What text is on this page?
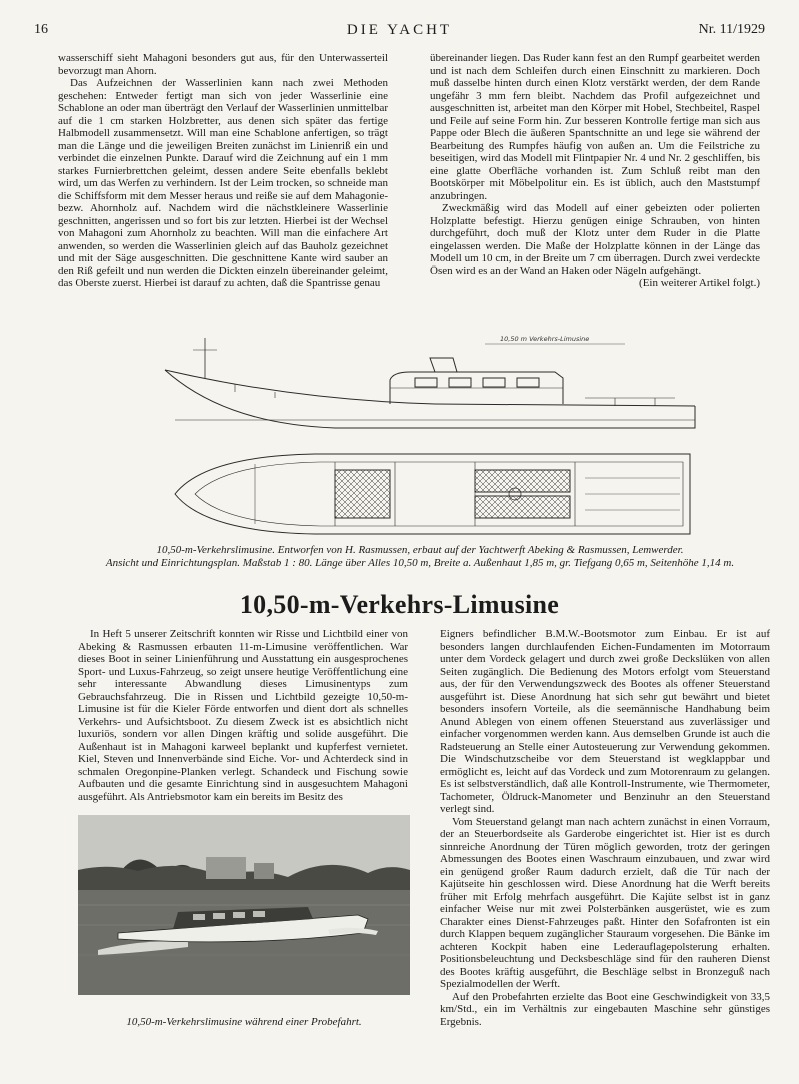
16	DIE YACHT	Nr. 11/1929

wasserschiff sieht Mahagoni besonders gut aus, für den Unterwasserteil bevorzugt man Ahorn.

Das Aufzeichnen der Wasserlinien kann nach zwei Methoden geschehen: Entweder fertigt man sich von jeder Wasserlinie eine Schablone an oder man überträgt den Verlauf der Wasserlinien unmittelbar auf die 1 cm starken Holzbretter, aus denen sich später das fertige Halbmodell zusammensetzt. Will man eine Schablone anfertigen, so trägt man die Länge und die jeweiligen Breiten zunächst im Linienriß ein und verbindet die einzelnen Punkte. Darauf wird die Zeichnung auf ein 1 mm starkes Furnierbrettchen geleimt, dessen andere Seite ebenfalls beklebt wird, um das Werfen zu verhindern. Ist der Leim trocken, so schneide man die Schiffsform mit dem Messer heraus und reiße sie auf dem Mahagonie- bezw. Ahornholz auf. Nachdem wird die nächstkleinere Wasserlinie geschnitten, angerissen und so fort bis zur letzten. Hierbei ist der Wechsel von Mahagoni zum Ahornholz zu beachten. Will man die einfachere Art anwenden, so werden die Wasserlinien gleich auf das Bauholz gezeichnet und mit der Säge ausgeschnitten. Die geschnittene Kante wird sauber an den Riß gefeilt und nun werden die Dickten einzeln übereinander geleimt, das Oberste zuerst. Hierbei ist darauf zu achten, daß die Spantrisse genau

übereinander liegen. Das Ruder kann fest an den Rumpf gearbeitet werden und ist nach dem Schleifen durch einen Einschnitt zu markieren. Doch muß dasselbe hinten durch einen Klotz verstärkt werden, der dem Rande ungefähr 3 mm fern bleibt. Nachdem das Profil aufgezeichnet und ausgeschnitten ist, arbeitet man den Körper mit Hobel, Stechbeitel, Raspel und Feile auf seine Form hin. Zur besseren Kontrolle fertige man sich aus Pappe oder Blech die äußeren Spantschnitte an und lege sie während der Bearbeitung des Rumpfes häufig von außen an. Um die Feilstriche zu beseitigen, wird das Modell mit Flintpapier Nr. 4 und Nr. 2 geschliffen, bis eine glatte Oberfläche vorhanden ist. Zum Schluß reibt man den Bootskörper mit Möbelpolitur ein. Es ist üblich, auch den Maststumpf anzubringen.

Zweckmäßig wird das Modell auf einer gebeizten oder polierten Holzplatte befestigt. Hierzu genügen einige Schrauben, von hinten durchgeführt, doch muß der Klotz unter dem Ruder in die Platte eingelassen werden. Die Maße der Holzplatte können in der Länge das Modell um 10 cm, in der Breite um 7 cm überragen. Durch zwei verdeckte Ösen wird es an der Wand an Haken oder Nägeln aufgehängt.

(Ein weiterer Artikel folgt.)

10,50 m Verkehrs-Limusine
10,50-m-Verkehrslimusine. Entworfen von H. Rasmussen, erbaut auf der Yachtwerft Abeking & Rasmussen, Lemwerder.
Ansicht und Einrichtungsplan. Maßstab 1 : 80. Länge über Alles 10,50 m, Breite a. Außenhaut 1,85 m, gr. Tiefgang 0,65 m, Seitenhöhe 1,14 m.
10,50-m-Verkehrs-Limusine

In Heft 5 unserer Zeitschrift konnten wir Risse und Lichtbild einer von Abeking & Rasmussen erbauten 11-m-Limusine veröffentlichen. War dieses Boot in seiner Linienführung und Ausstattung ein ausgesprochenes Sport- und Luxus-Fahrzeug, so zeigt unsere heutige Veröffentlichung eine sehr interessante Abwandlung dieses Limusinentyps zum Gebrauchsfahrzeug. Die in Rissen und Lichtbild gezeigte 10,50-m-Limusine ist für die Kieler Förde entworfen und dient dort als schnelles Verkehrs- und Aufsichtsboot. Zu diesem Zweck ist es absichtlich nicht luxuriös, sondern vor allen Dingen kräftig und solide ausgeführt. Die Außenhaut ist in Mahagoni karweel beplankt und kupferfest vernietet. Kiel, Steven und Innenverbände sind Eiche. Vor- und Achterdeck sind in schmalen Oregonpine-Planken verlegt. Schandeck und Fischung sowie Aufbauten und die gesamte Einrichtung sind in ausgesuchtem Mahagoni ausgeführt. Als Antriebsmotor kam ein bereits im Besitz des

Eigners befindlicher B.M.W.-Bootsmotor zum Einbau. Er ist auf besonders langen durchlaufenden Eichen-Fundamenten im Motorraum unter dem Vordeck gelagert und durch zwei große Deckslüken von allen Seiten zugänglich. Die Bedienung des Motors erfolgt vom Steuerstand aus, der für den Verwendungszweck des Bootes als offener Steuerstand ausgeführt ist. Diese Anordnung hat sich sehr gut bewährt und bietet besonders insofern Vorteile, als die seemännische Handhabung beim Anund Ablegen von einem offenen Steuerstand aus zuverlässiger und einfacher vorgenommen werden kann. Aus demselben Grunde ist auch die Radsteuerung an Stelle einer Autosteuerung zur Verwendung gekommen. Die Windschutzscheibe vor dem Steuerstand ist wegklappbar und ermöglicht es, leicht auf das Vordeck und zum Motorenraum zu gelangen. Es ist selbstverständlich, daß alle Kontroll-Instrumente, wie Thermometer, Tachometer, Öldruck-Manometer und Benzinuhr an den Steuerstand verlegt sind.

Vom Steuerstand gelangt man nach achtern zunächst in einen Vorraum, der an Steuerbordseite als Garderobe eingerichtet ist. Hier ist es durch sinnreiche Anordnung der Türen möglich geworden, trotz der geringen Abmessungen des Bootes einen Waschraum einzubauen, und zwar wird ein genügend großer Raum dadurch erzielt, daß die Tür nach der Kajütseite hin geschlossen wird. Diese Anordnung hat die Werft bereits früher mit Erfolg mehrfach ausgeführt. Die Kajüte selbst ist in ganz einfacher Weise nur mit zwei Polsterbänken ausgerüstet, wie es zum Charakter eines Dienst-Fahrzeuges paßt. Hinter den Sofafronten ist ein durch Klappen bequem zugänglicher Stauraum vorgesehen. Die Bänke im achteren Kockpit haben eine Lederauflagepolsterung erhalten. Positionsbeleuchtung und Decksbeschläge sind für den rauheren Dienst des Bootes kräftig ausgeführt, die Beschläge selbst in Bronzeguß nach Spezialmodellen der Werft.

Auf den Probefahrten erzielte das Boot eine Geschwindigkeit von 33,5 km/Std., ein im Verhältnis zur eingebauten Maschine sehr günstiges Ergebnis.

10,50-m-Verkehrslimusine während einer Probefahrt.
